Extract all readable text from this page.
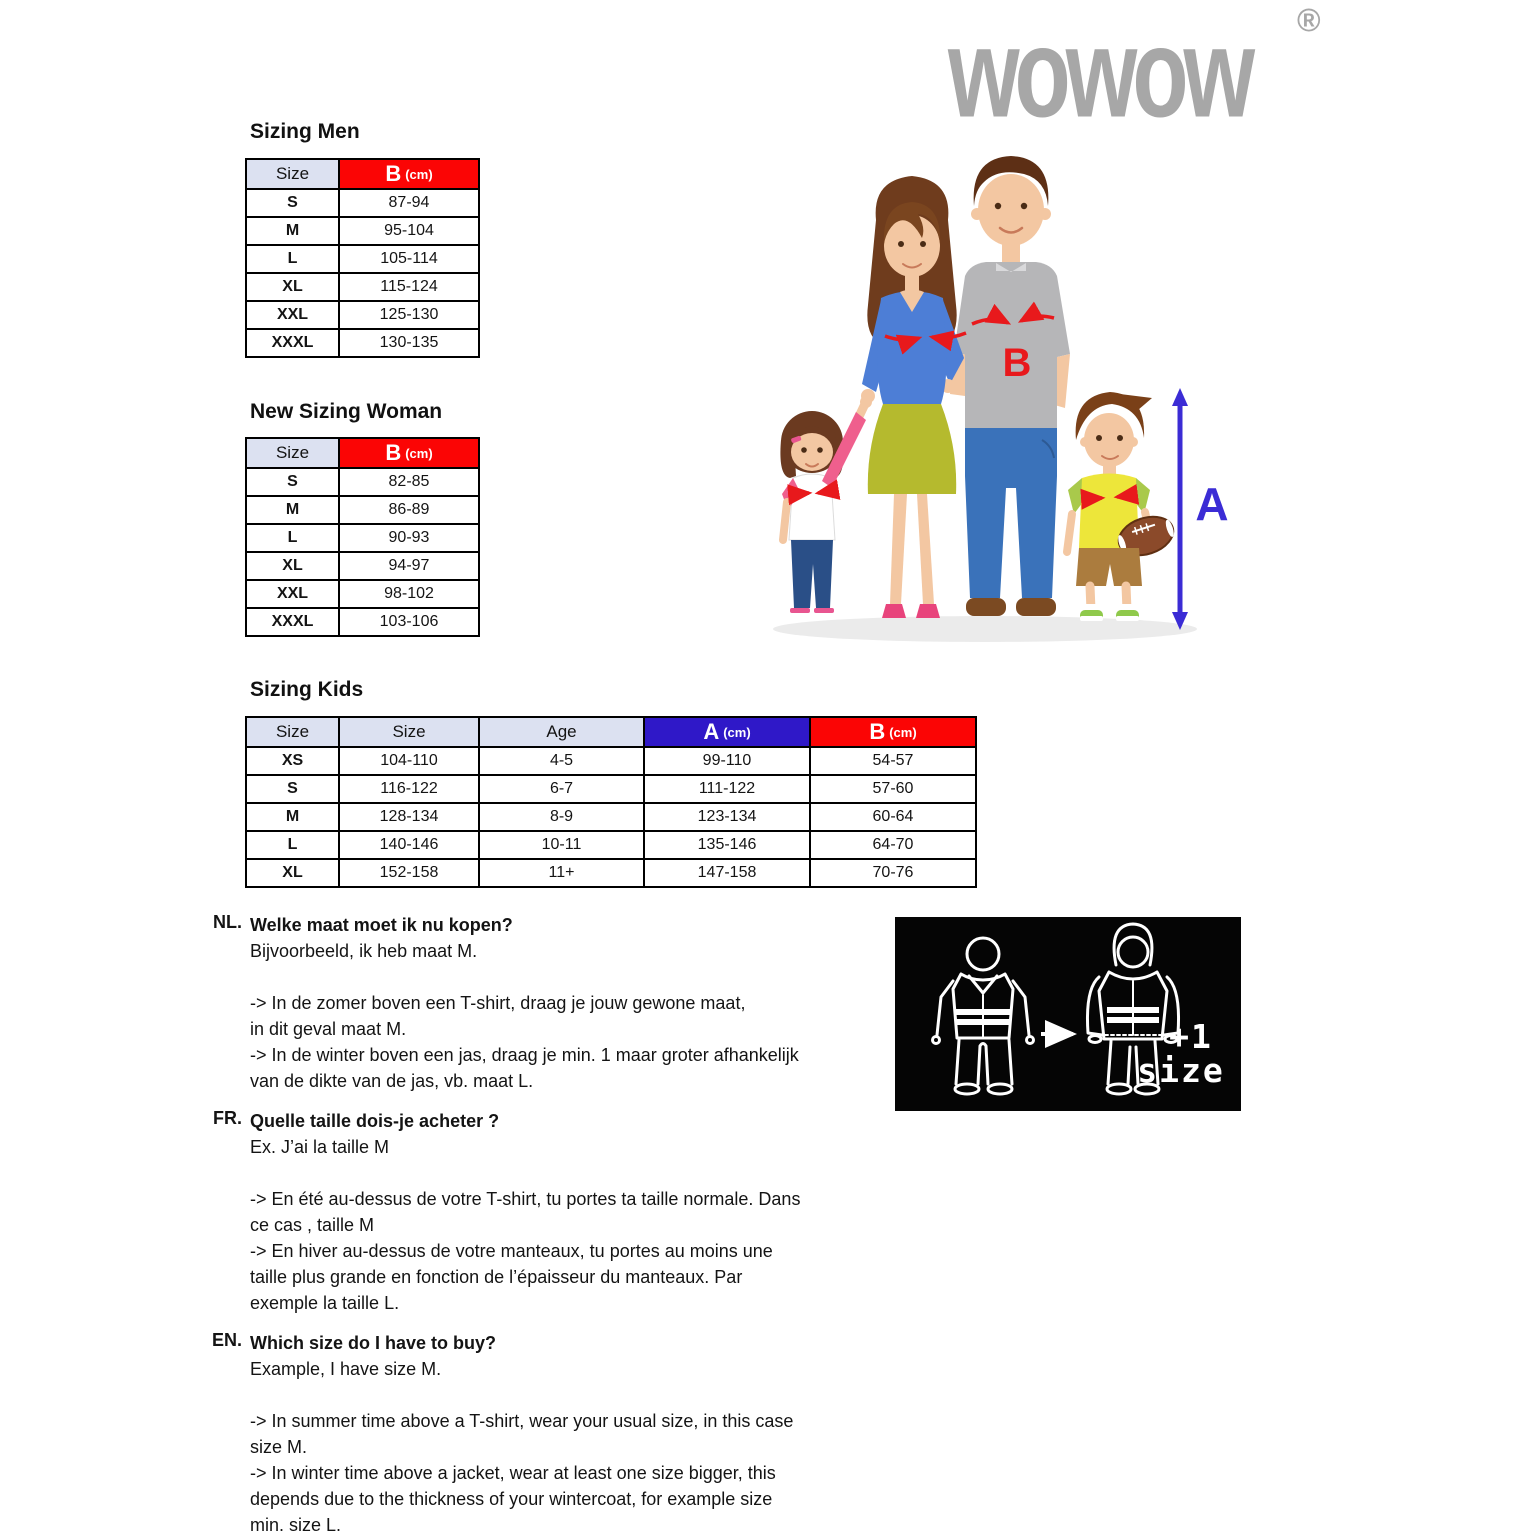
wowow ®
Sizing Men
Size	B (cm)
S	87-94
M	95-104
L	105-114
XL	115-124
XXL	125-130
XXXL	130-135
New Sizing Woman
Size	B (cm)
S	82-85
M	86-89
L	90-93
XL	94-97
XXL	98-102
XXXL	103-106
Sizing Kids
Size	Size	Age	A (cm)	B (cm)
XS	104-110	4-5	99-110	54-57
S	116-122	6-7	111-122	57-60
M	128-134	8-9	123-134	60-64
L	140-146	10-11	135-146	64-70
XL	152-158	11+	147-158	70-76
B
A
NL. Welke maat moet ik nu kopen?
Bijvoorbeeld, ik heb maat M.
-> In de zomer boven een T-shirt, draag je jouw gewone maat,
in dit geval maat M.
-> In de winter boven een jas, draag je min. 1 maar groter afhankelijk
van de dikte van de jas, vb. maat L.
+1
size
FR. Quelle taille dois-je acheter ?
Ex. J’ai la taille M
-> En été au-dessus de votre T-shirt, tu portes ta taille normale. Dans
ce cas , taille M
-> En hiver au-dessus de votre manteaux, tu portes au moins une
taille plus grande en fonction de l’épaisseur du manteaux. Par
exemple la taille L.
EN. Which size do I have to buy?
Example, I have size M.
-> In summer time above a T-shirt, wear your usual size, in this case
size M.
-> In winter time above a jacket, wear at least one size bigger, this
depends due to the thickness of your wintercoat, for example size
min. size L.
